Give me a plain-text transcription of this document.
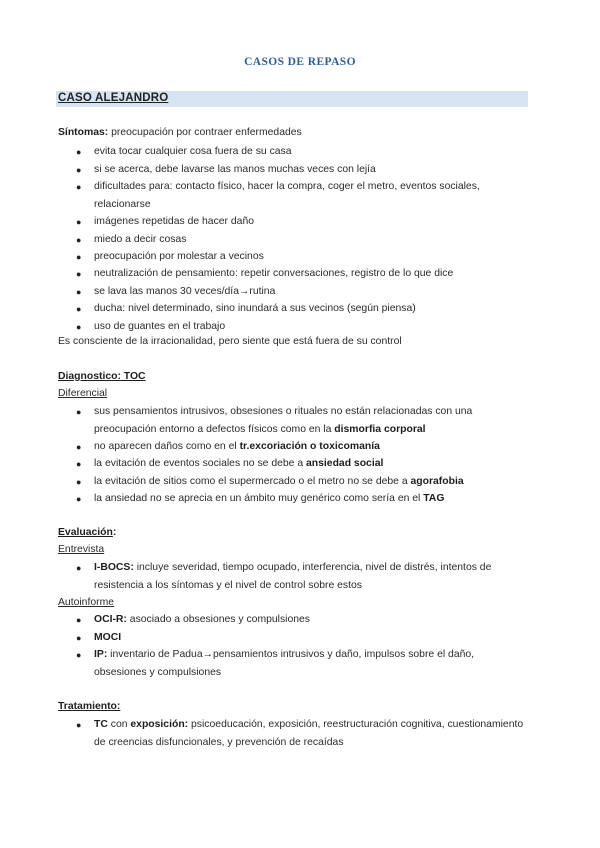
CASOS DE REPASO
CASO ALEJANDRO
Síntomas: preocupación por contraer enfermedades
● evita tocar cualquier cosa fuera de su casa
● si se acerca, debe lavarse las manos muchas veces con lejía
● dificultades para: contacto físico, hacer la compra, coger el metro, eventos sociales, relacionarse
● imágenes repetidas de hacer daño
● miedo a decir cosas
● preocupación por molestar a vecinos
● neutralización de pensamiento: repetir conversaciones, registro de lo que dice
● se lava las manos 30 veces/día→rutina
● ducha: nivel determinado, sino inundará a sus vecinos (según piensa)
● uso de guantes en el trabajo
Es consciente de la irracionalidad, pero siente que está fuera de su control
Diagnostico: TOC
Diferencial
● sus pensamientos intrusivos, obsesiones o rituales no están relacionadas con una preocupación entorno a defectos físicos como en la dismorfia corporal
● no aparecen daños como en el tr.excoriación o toxicomanía
● la evitación de eventos sociales no se debe a ansiedad social
● la evitación de sitios como el supermercado o el metro no se debe a agorafobia
● la ansiedad no se aprecia en un ámbito muy genérico como sería en el TAG
Evaluación:
Entrevista
● I-BOCS: incluye severidad, tiempo ocupado, interferencia, nivel de distrés, intentos de resistencia a los síntomas y el nivel de control sobre estos
Autoinforme
● OCI-R: asociado a obsesiones y compulsiones
● MOCI
● IP: inventario de Padua→pensamientos intrusivos y daño, impulsos sobre el daño, obsesiones y compulsiones
Tratamiento:
● TC con exposición: psicoeducación, exposición, reestructuración cognitiva, cuestionamiento de creencias disfuncionales, y prevención de recaídas
